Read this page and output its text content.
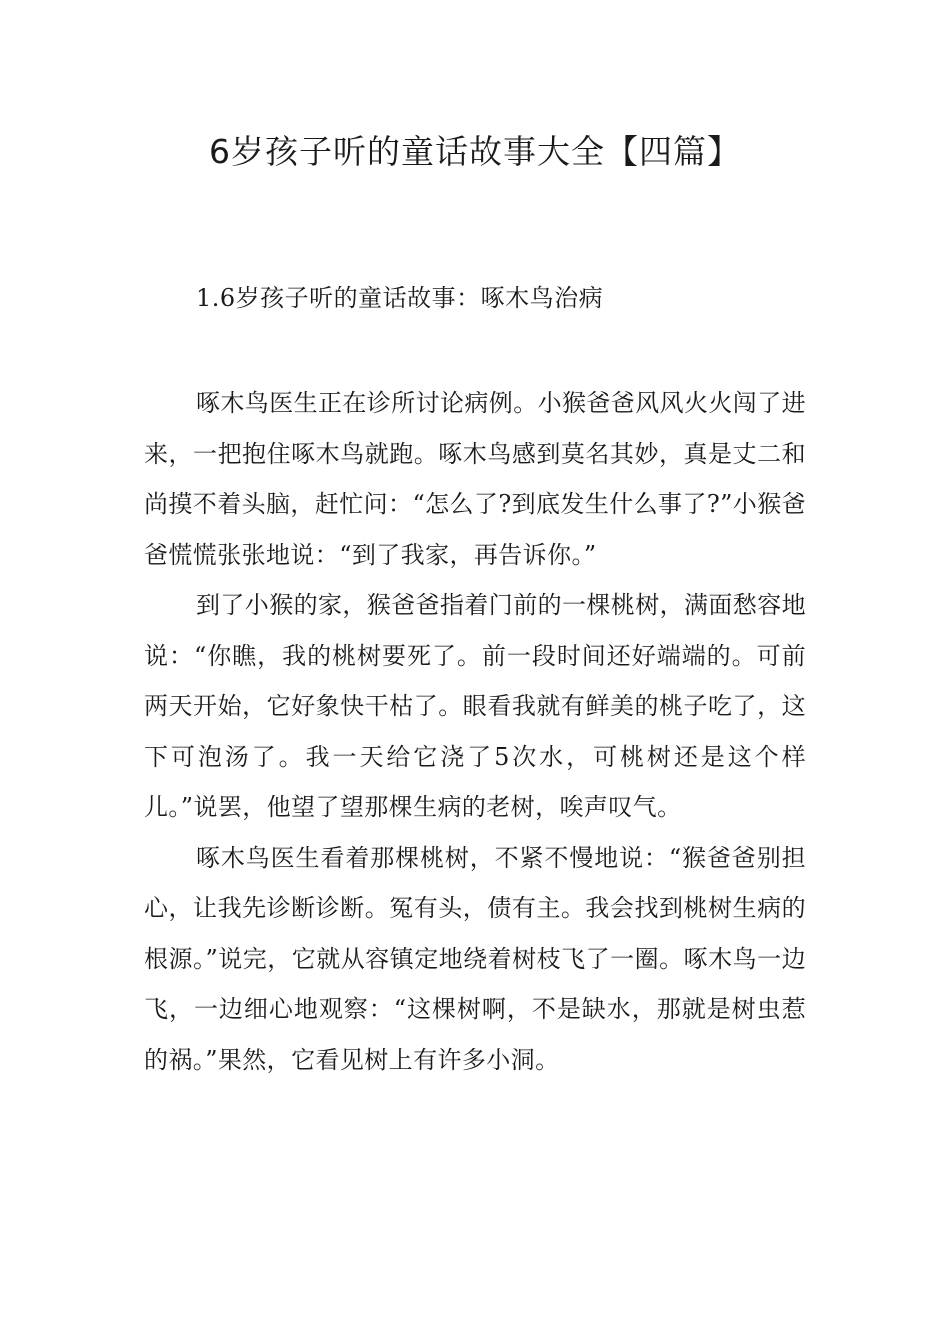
6岁孩子听的童话故事大全【四篇】
1.6岁孩子听的童话故事：啄木鸟治病

啄木鸟医生正在诊所讨论病例。小猴爸爸风风火火闯了进来，一把抱住啄木鸟就跑。啄木鸟感到莫名其妙，真是丈二和尚摸不着头脑，赶忙问：“怎么了?到底发生什么事了?”小猴爸爸慌慌张张地说：“到了我家，再告诉你。”

到了小猴的家，猴爸爸指着门前的一棵桃树，满面愁容地说：“你瞧，我的桃树要死了。前一段时间还好端端的。可前两天开始，它好象快干枯了。眼看我就有鲜美的桃子吃了，这下可泡汤了。我一天给它浇了5次水，可桃树还是这个样儿。”说罢，他望了望那棵生病的老树，唉声叹气。

啄木鸟医生看着那棵桃树，不紧不慢地说：“猴爸爸别担心，让我先诊断诊断。冤有头，债有主。我会找到桃树生病的根源。”说完，它就从容镇定地绕着树枝飞了一圈。啄木鸟一边飞，一边细心地观察：“这棵树啊，不是缺水，那就是树虫惹的祸。”果然，它看见树上有许多小洞。
